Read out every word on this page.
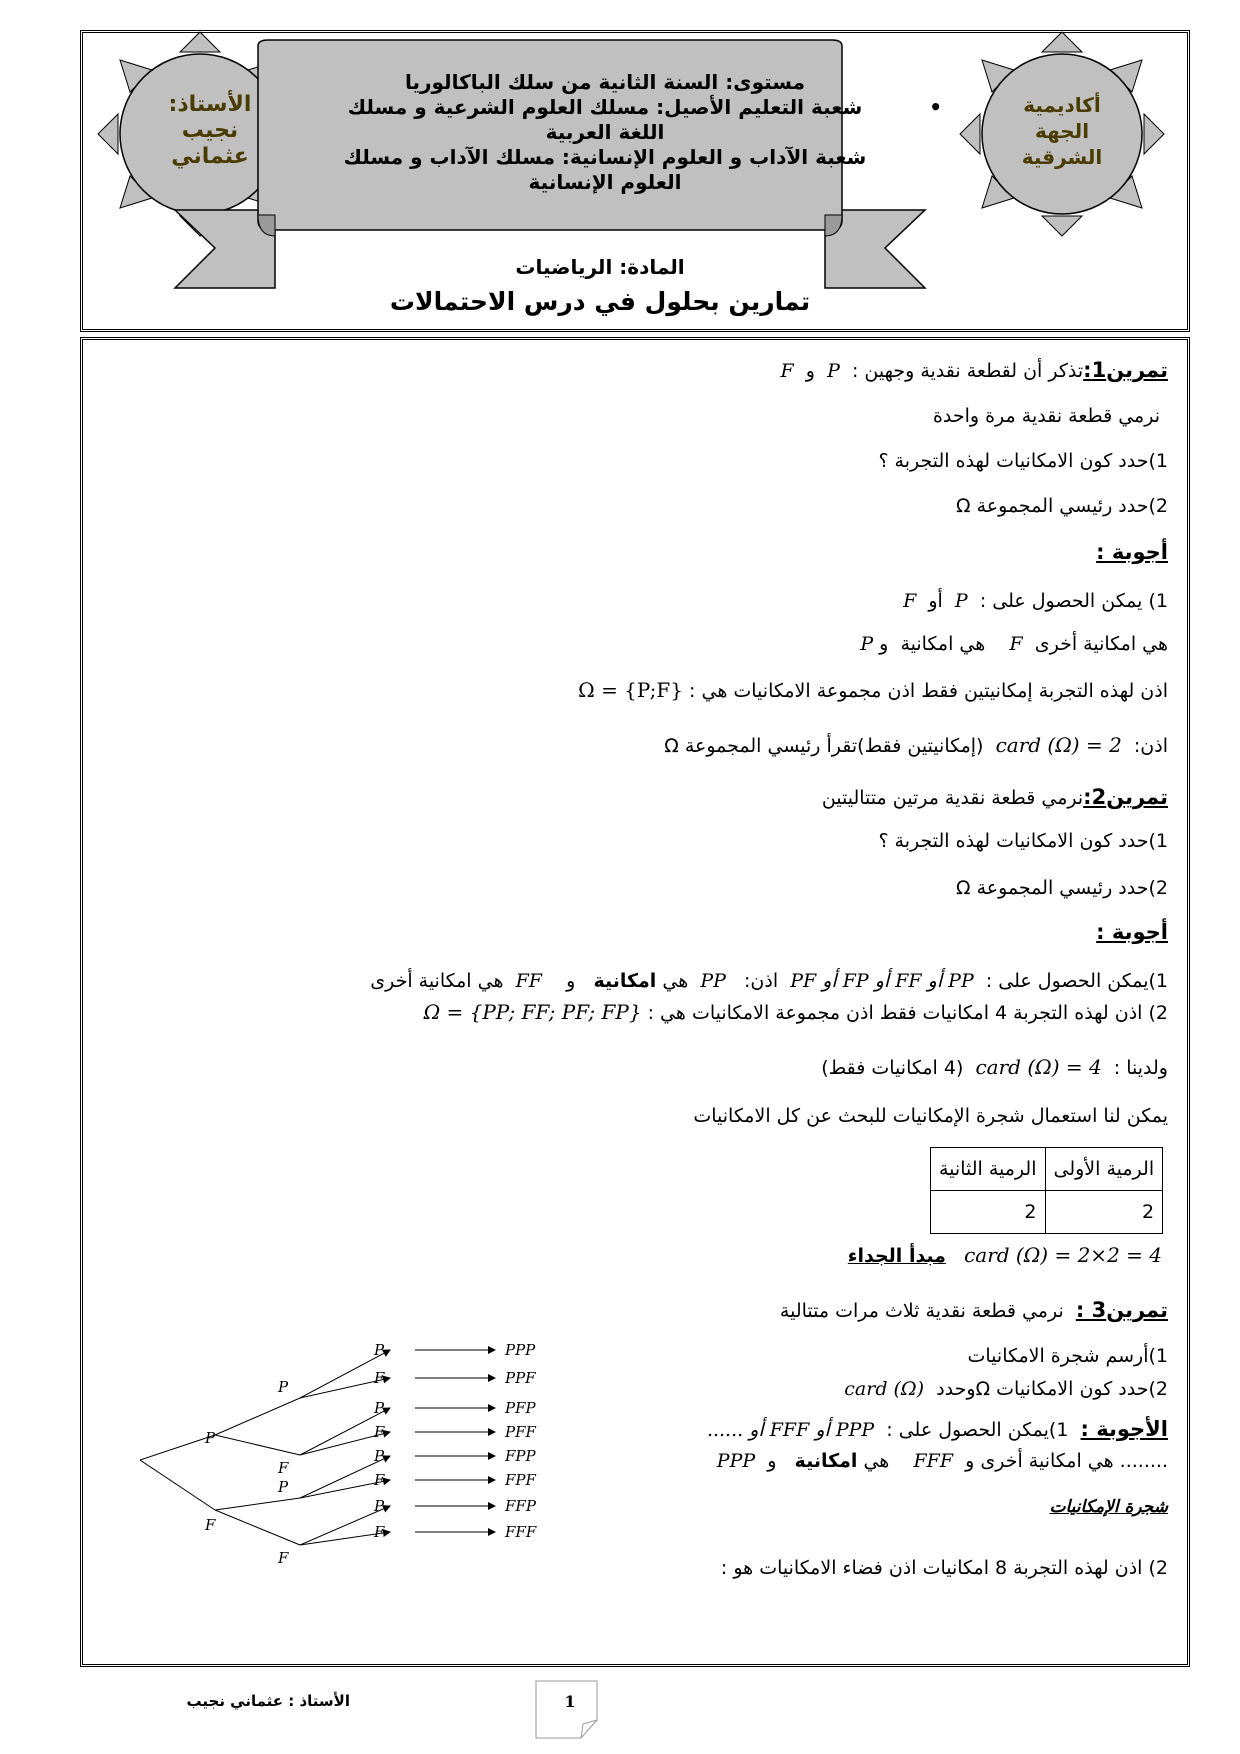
الأستاذ:
نجيب
عثماني
أكاديمية
الجهة
الشرقية
مستوى: السنة الثانية من سلك الباكالوريا
شعبة التعليم الأصيل: مسلك العلوم الشرعية و مسلك	•
اللغة العربية
شعبة الآداب و العلوم الإنسانية: مسلك الآداب و مسلك
العلوم الإنسانية
المادة: الرياضيات
تمارين بحلول في درس الاحتمالات
تمرين1:تذكر أن لقطعة نقدية وجهين :  P  و  F
نرمي قطعة نقدية مرة واحدة
1)حدد كون الامكانيات لهذه التجربة ؟
2)حدد رئيسي المجموعة Ω
أجوبة :
1) يمكن الحصول على :  P  أو  F
P هي امكانية  و	F هي امكانية أخرى
اذن لهذه التجربة إمكانيتين فقط اذن مجموعة الامكانيات هي : Ω = {P;F}
اذن:  card (Ω) = 2  (إمكانيتين فقط)تقرأ رئيسي المجموعة Ω
تمرين2:نرمي قطعة نقدية مرتين متتاليتين
1)حدد كون الامكانيات لهذه التجربة ؟
2)حدد رئيسي المجموعة Ω
أجوبة :
1)يمكن الحصول على :  PP أو FF أو FP أو PF  اذن:   PP  هي امكانية   و    FF  هي امكانية أخرى
2) اذن لهذه التجربة 4 امكانيات فقط اذن مجموعة الامكانيات هي : Ω = {PP; FF; PF; FP}
ولدينا :  card (Ω) = 4  (4 امكانيات فقط)
يمكن لنا استعمال شجرة الإمكانيات للبحث عن كل الامكانيات
الرمية الأولى	الرمية الثانية
2	2
card (Ω) = 2×2 = 4   مبدأ الجداء
تمرين3 :  نرمي قطعة نقدية ثلاث مرات متتالية
1)أرسم شجرة الامكانيات
2)حدد كون الامكانيات Ωوحدد  card (Ω)
الأجوبة :  1)يمكن الحصول على :  PPP أو FFF أو ......
PPP	هي امكانية   و	FFF هي امكانية أخرى و ........
شجرة الإمكانيات
2) اذن لهذه التجربة 8 امكانيات اذن فضاء الامكانيات هو :
P
F
P
F
P
F
P	PPP
F	PPF
P	PFP
F	PFF
P	FPP
F	FPF
P	FFP
F	FFF
الأستاذ : عثماني نجيب	1
